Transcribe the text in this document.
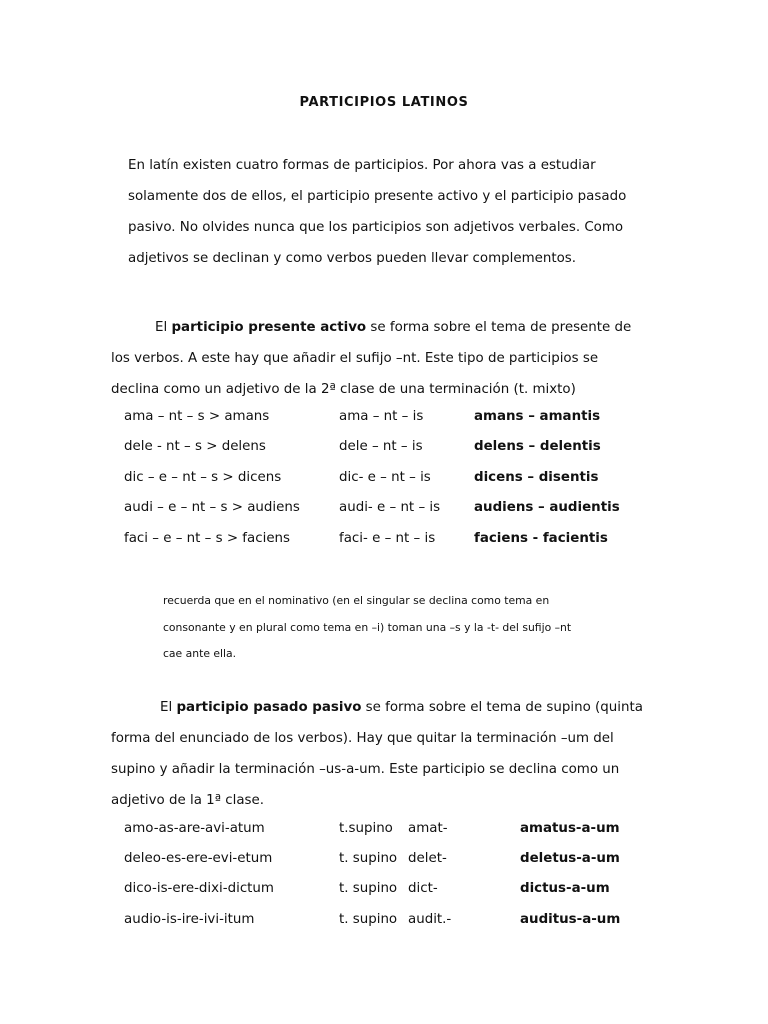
PARTICIPIOS LATINOS

En latín existen cuatro formas de participios. Por ahora vas a estudiar

solamente dos de ellos, el participio presente activo y el participio pasado

pasivo. No olvides nunca que los participios son adjetivos verbales. Como

adjetivos se declinan y como verbos pueden llevar complementos.

El participio presente activo se forma sobre el tema de presente de

los verbos. A este hay que añadir el sufijo –nt. Este tipo de participios se

declina como un adjetivo de la 2ª clase de una terminación (t. mixto)

ama – nt – s > amans	ama – nt – is	amans – amantis
dele - nt – s > delens	dele – nt – is	delens – delentis
dic – e – nt – s > dicens	dic- e – nt – is	dicens – disentis
audi – e – nt – s > audiens	audi- e – nt – is	audiens – audientis
faci – e – nt – s > faciens	faci- e – nt – is	faciens - facientis

recuerda que en el nominativo (en el singular se declina como tema en

consonante y en plural como tema en –i) toman una –s y la -t- del sufijo –nt

cae ante ella.

El participio pasado pasivo se forma sobre el tema de supino (quinta

forma del enunciado de los verbos). Hay que quitar la terminación –um del

supino y añadir la terminación –us-a-um. Este participio se declina como un

adjetivo de la 1ª clase.

amo-as-are-avi-atum	t.supino amat-	amatus-a-um
deleo-es-ere-evi-etum	t. supino delet-	deletus-a-um
dico-is-ere-dixi-dictum	t. supino dict-	dictus-a-um
audio-is-ire-ivi-itum	t. supino audit.-	auditus-a-um
